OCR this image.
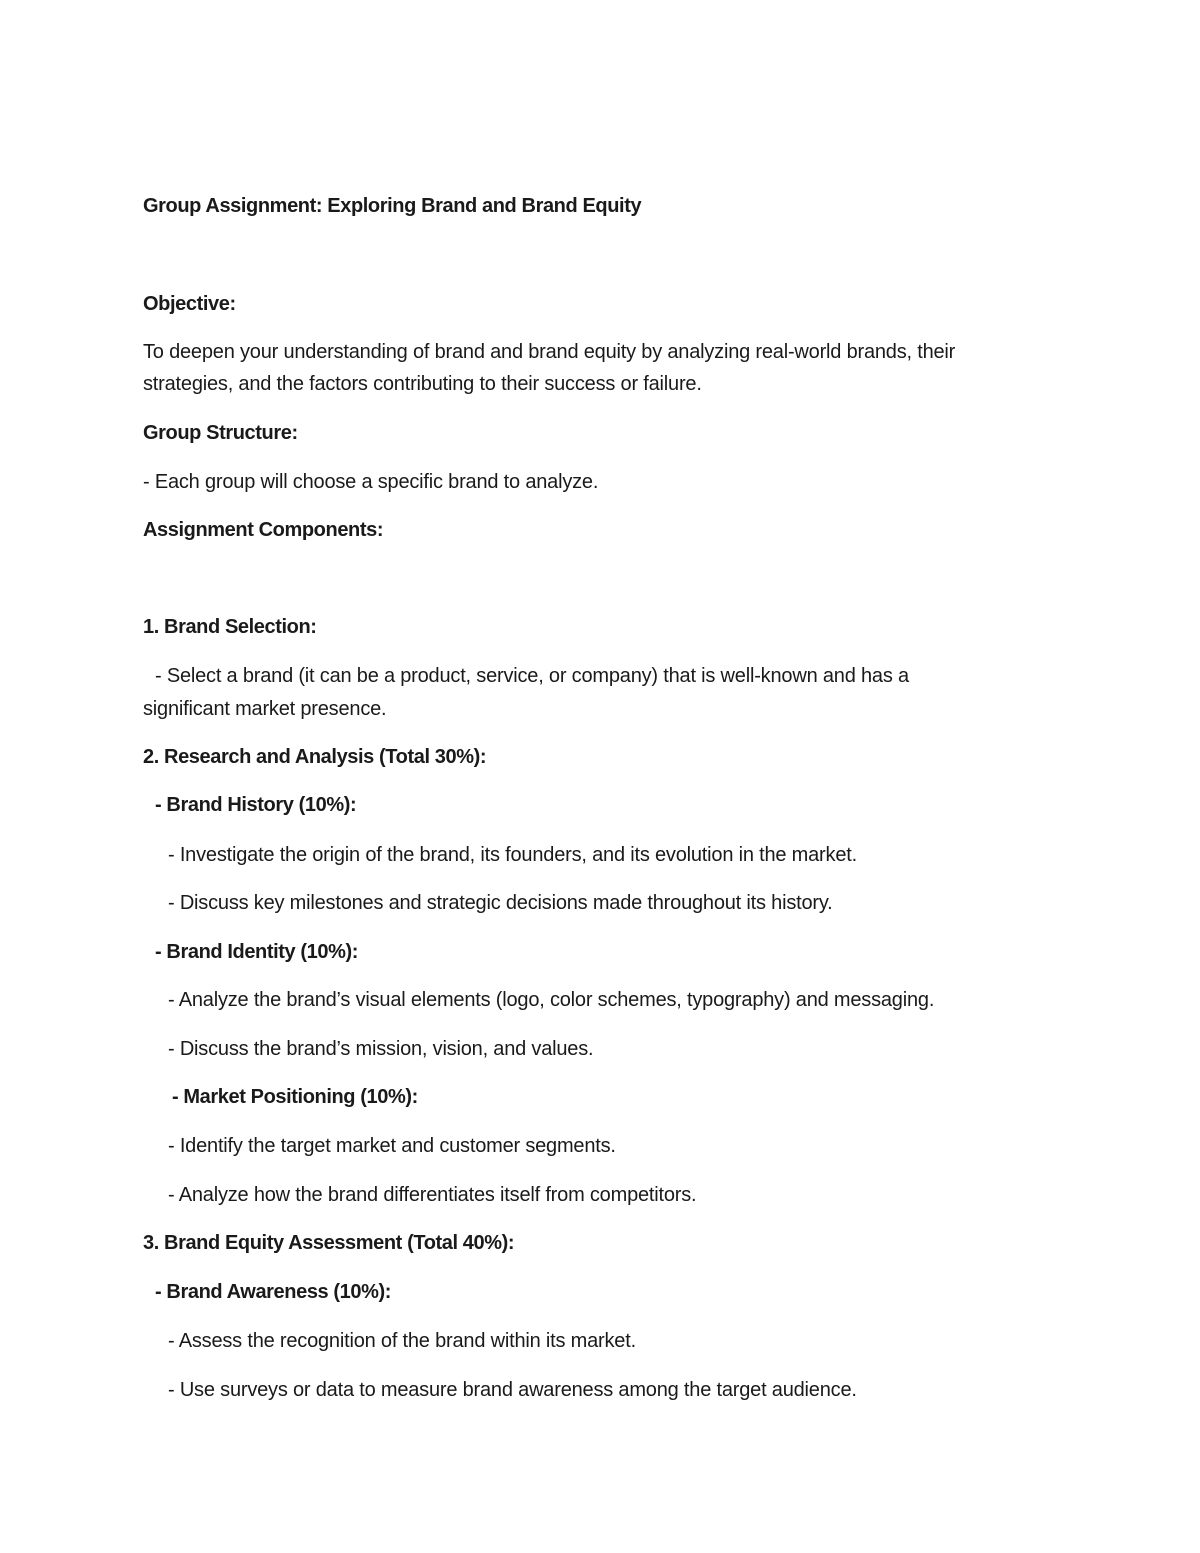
Group Assignment: Exploring Brand and Brand Equity
Objective:
To deepen your understanding of brand and brand equity by analyzing real-world brands, their
strategies, and the factors contributing to their success or failure.
Group Structure:
- Each group will choose a specific brand to analyze.
Assignment Components:
1. Brand Selection:
- Select a brand (it can be a product, service, or company) that is well-known and has a
significant market presence.
2. Research and Analysis (Total 30%):
- Brand History (10%):
- Investigate the origin of the brand, its founders, and its evolution in the market.
- Discuss key milestones and strategic decisions made throughout its history.
- Brand Identity (10%):
- Analyze the brand’s visual elements (logo, color schemes, typography) and messaging.
- Discuss the brand’s mission, vision, and values.
- Market Positioning (10%):
- Identify the target market and customer segments.
- Analyze how the brand differentiates itself from competitors.
3. Brand Equity Assessment (Total 40%):
- Brand Awareness (10%):
- Assess the recognition of the brand within its market.
- Use surveys or data to measure brand awareness among the target audience.
